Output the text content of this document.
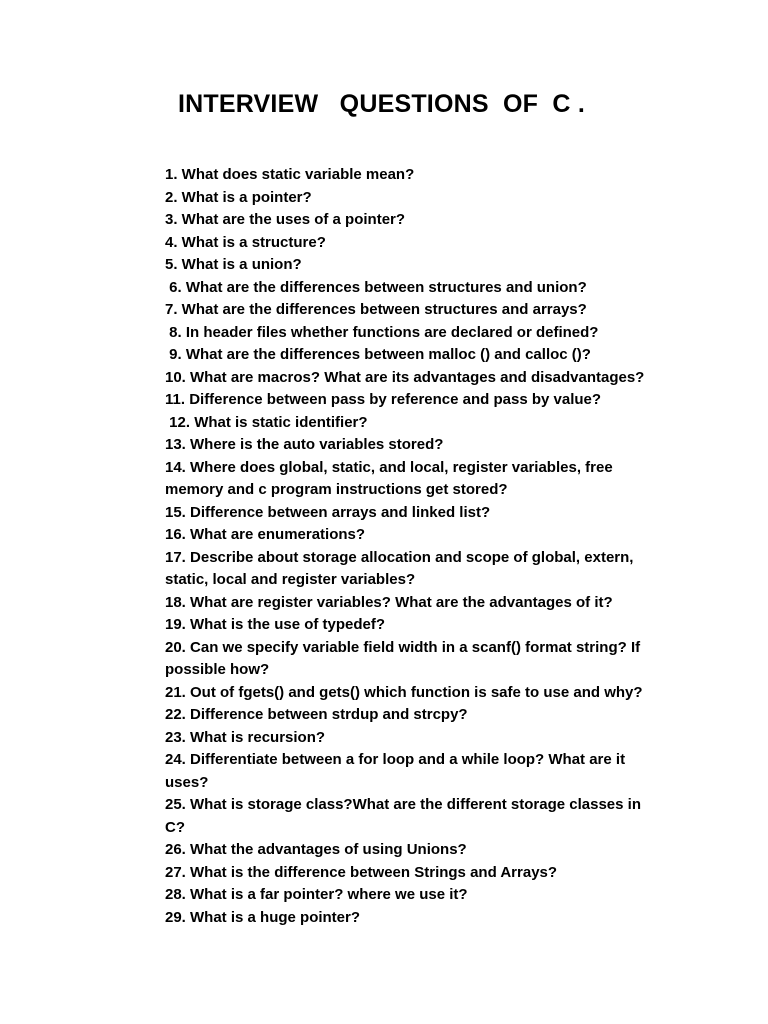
INTERVIEW   QUESTIONS  OF  C .
1. What does static variable mean?
2. What is a pointer?
3. What are the uses of a pointer?
4. What is a structure?
5. What is a union?
6. What are the differences between structures and union?
7. What are the differences between structures and arrays?
8. In header files whether functions are declared or defined?
9. What are the differences between malloc () and calloc ()?
10. What are macros? What are its advantages and disadvantages?
11. Difference between pass by reference and pass by value?
12. What is static identifier?
13. Where is the auto variables stored?
14. Where does global, static, and local, register variables, free
memory and c program instructions get stored?
15. Difference between arrays and linked list?
16. What are enumerations?
17. Describe about storage allocation and scope of global, extern,
static, local and register variables?
18. What are register variables? What are the advantages of it?
19. What is the use of typedef?
20. Can we specify variable field width in a scanf() format string? If
possible how?
21. Out of fgets() and gets() which function is safe to use and why?
22. Difference between strdup and strcpy?
23. What is recursion?
24. Differentiate between a for loop and a while loop? What are it
uses?
25. What is storage class?What are the different storage classes in
C?
26. What the advantages of using Unions?
27. What is the difference between Strings and Arrays?
28. What is a far pointer? where we use it?
29. What is a huge pointer?
